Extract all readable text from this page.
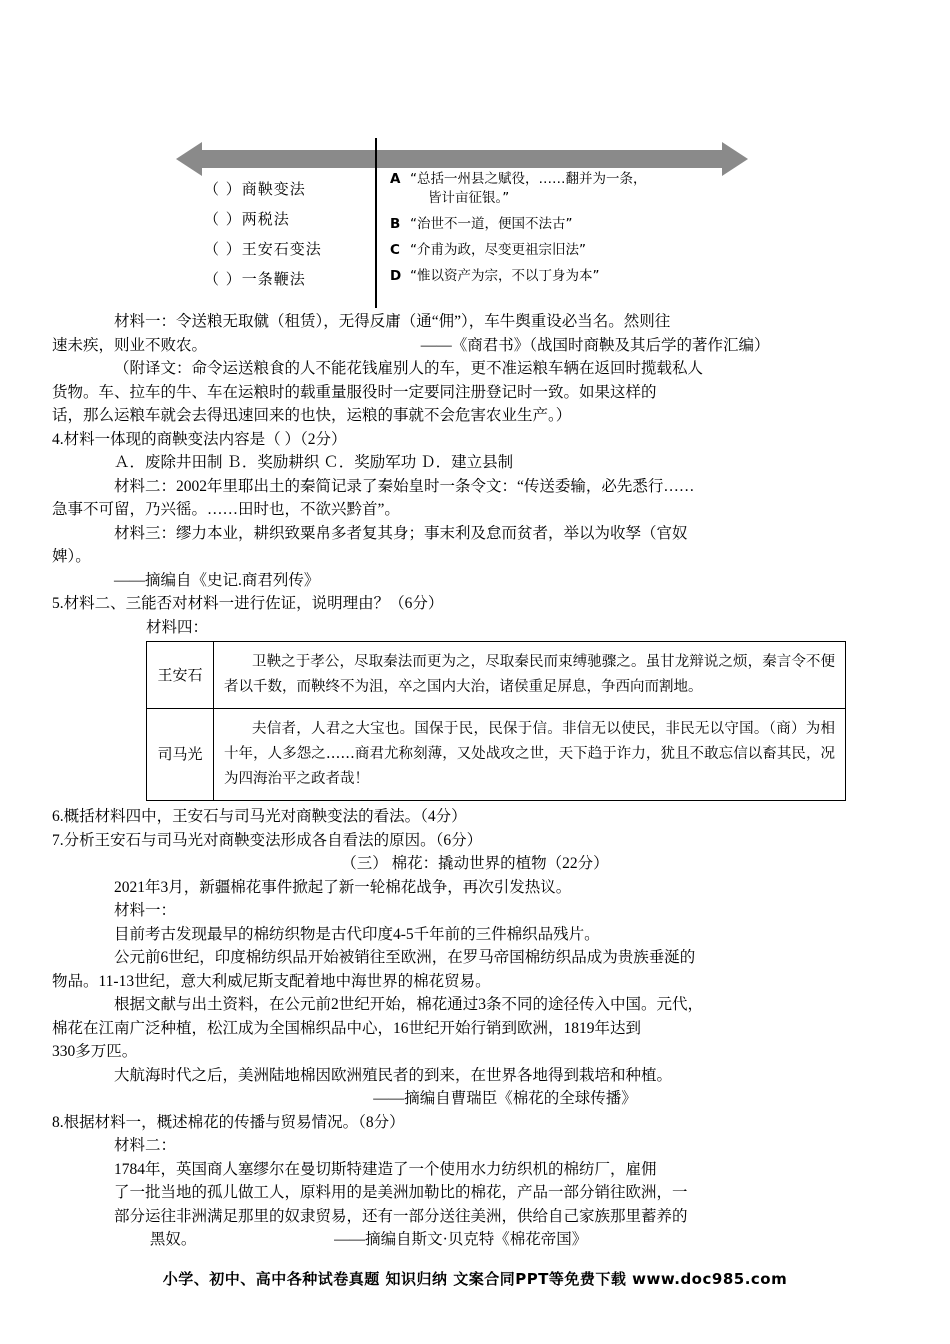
（ ）商鞅变法
（ ）两税法
（ ）王安石变法
（ ）一条鞭法
A “总括一州县之赋役，……翻并为一条，
皆计亩征银。”
B “治世不一道，便国不法古”
C “介甫为政，尽变更祖宗旧法”
D “惟以资产为宗，不以丁身为本”

材料一：令送粮无取僦（租赁），无得反庸（通“佣”），车牛舆重设必当名。然则往

速未疾，则业不败农。	——《商君书》（战国时商鞅及其后学的著作汇编）

（附译文：命令运送粮食的人不能花钱雇别人的车，更不准运粮车辆在返回时揽载私人

货物。车、拉车的牛、车在运粮时的载重量服役时一定要同注册登记时一致。如果这样的

话，那么运粮车就会去得迅速回来的也快，运粮的事就不会危害农业生产。）

4.材料一体现的商鞅变法内容是（ ）（2分）

Ａ．废除井田制 Ｂ．奖励耕织 Ｃ．奖励军功 Ｄ．建立县制

材料二：2002年里耶出土的秦简记录了秦始皇时一条令文：“传送委输，必先悉行……

急事不可留，乃兴徭。……田时也，不欲兴黔首”。

材料三：缪力本业，耕织致粟帛多者复其身；事末利及怠而贫者，举以为收孥（官奴

婢）。

——摘编自《史记.商君列传》

5.材料二、三能否对材料一进行佐证，说明理由？（6分）

材料四：

王安石	卫鞅之于孝公，尽取秦法而更为之，尽取秦民而束缚驰骤之。虽甘龙辩说之烦，秦言令不便者以千数，而鞅终不为沮，卒之国内大治，诸侯重足屏息，争西向而割地。

司马光	夫信者，人君之大宝也。国保于民，民保于信。非信无以使民，非民无以守国。（商）为相十年，人多怨之……商君尤称刻薄，又处战攻之世，天下趋于诈力，犹且不敢忘信以畜其民，况为四海治平之政者哉！

6.概括材料四中，王安石与司马光对商鞅变法的看法。（4分）

7.分析王安石与司马光对商鞅变法形成各自看法的原因。（6分）

（三） 棉花：撬动世界的植物（22分）

2021年3月，新疆棉花事件掀起了新一轮棉花战争，再次引发热议。

材料一：

目前考古发现最早的棉纺织物是古代印度4-5千年前的三件棉织品残片。

公元前6世纪，印度棉纺织品开始被销往至欧洲，在罗马帝国棉纺织品成为贵族垂涎的

物品。11-13世纪，意大利威尼斯支配着地中海世界的棉花贸易。

根据文献与出土资料，在公元前2世纪开始，棉花通过3条不同的途径传入中国。元代，

棉花在江南广泛种植，松江成为全国棉织品中心，16世纪开始行销到欧洲，1819年达到

330多万匹。

大航海时代之后，美洲陆地棉因欧洲殖民者的到来，在世界各地得到栽培和种植。

——摘编自曹瑞臣《棉花的全球传播》

8.根据材料一，概述棉花的传播与贸易情况。（8分）

材料二：

1784年，英国商人塞缪尔在曼切斯特建造了一个使用水力纺织机的棉纺厂，雇佣

了一批当地的孤儿做工人，原料用的是美洲加勒比的棉花，产品一部分销往欧洲，一

部分运往非洲满足那里的奴隶贸易，还有一部分送往美洲，供给自己家族那里蓄养的

黑奴。	——摘编自斯文·贝克特《棉花帝国》

小学、初中、高中各种试卷真题 知识归纳 文案合同PPT等免费下载 www.doc985.com
